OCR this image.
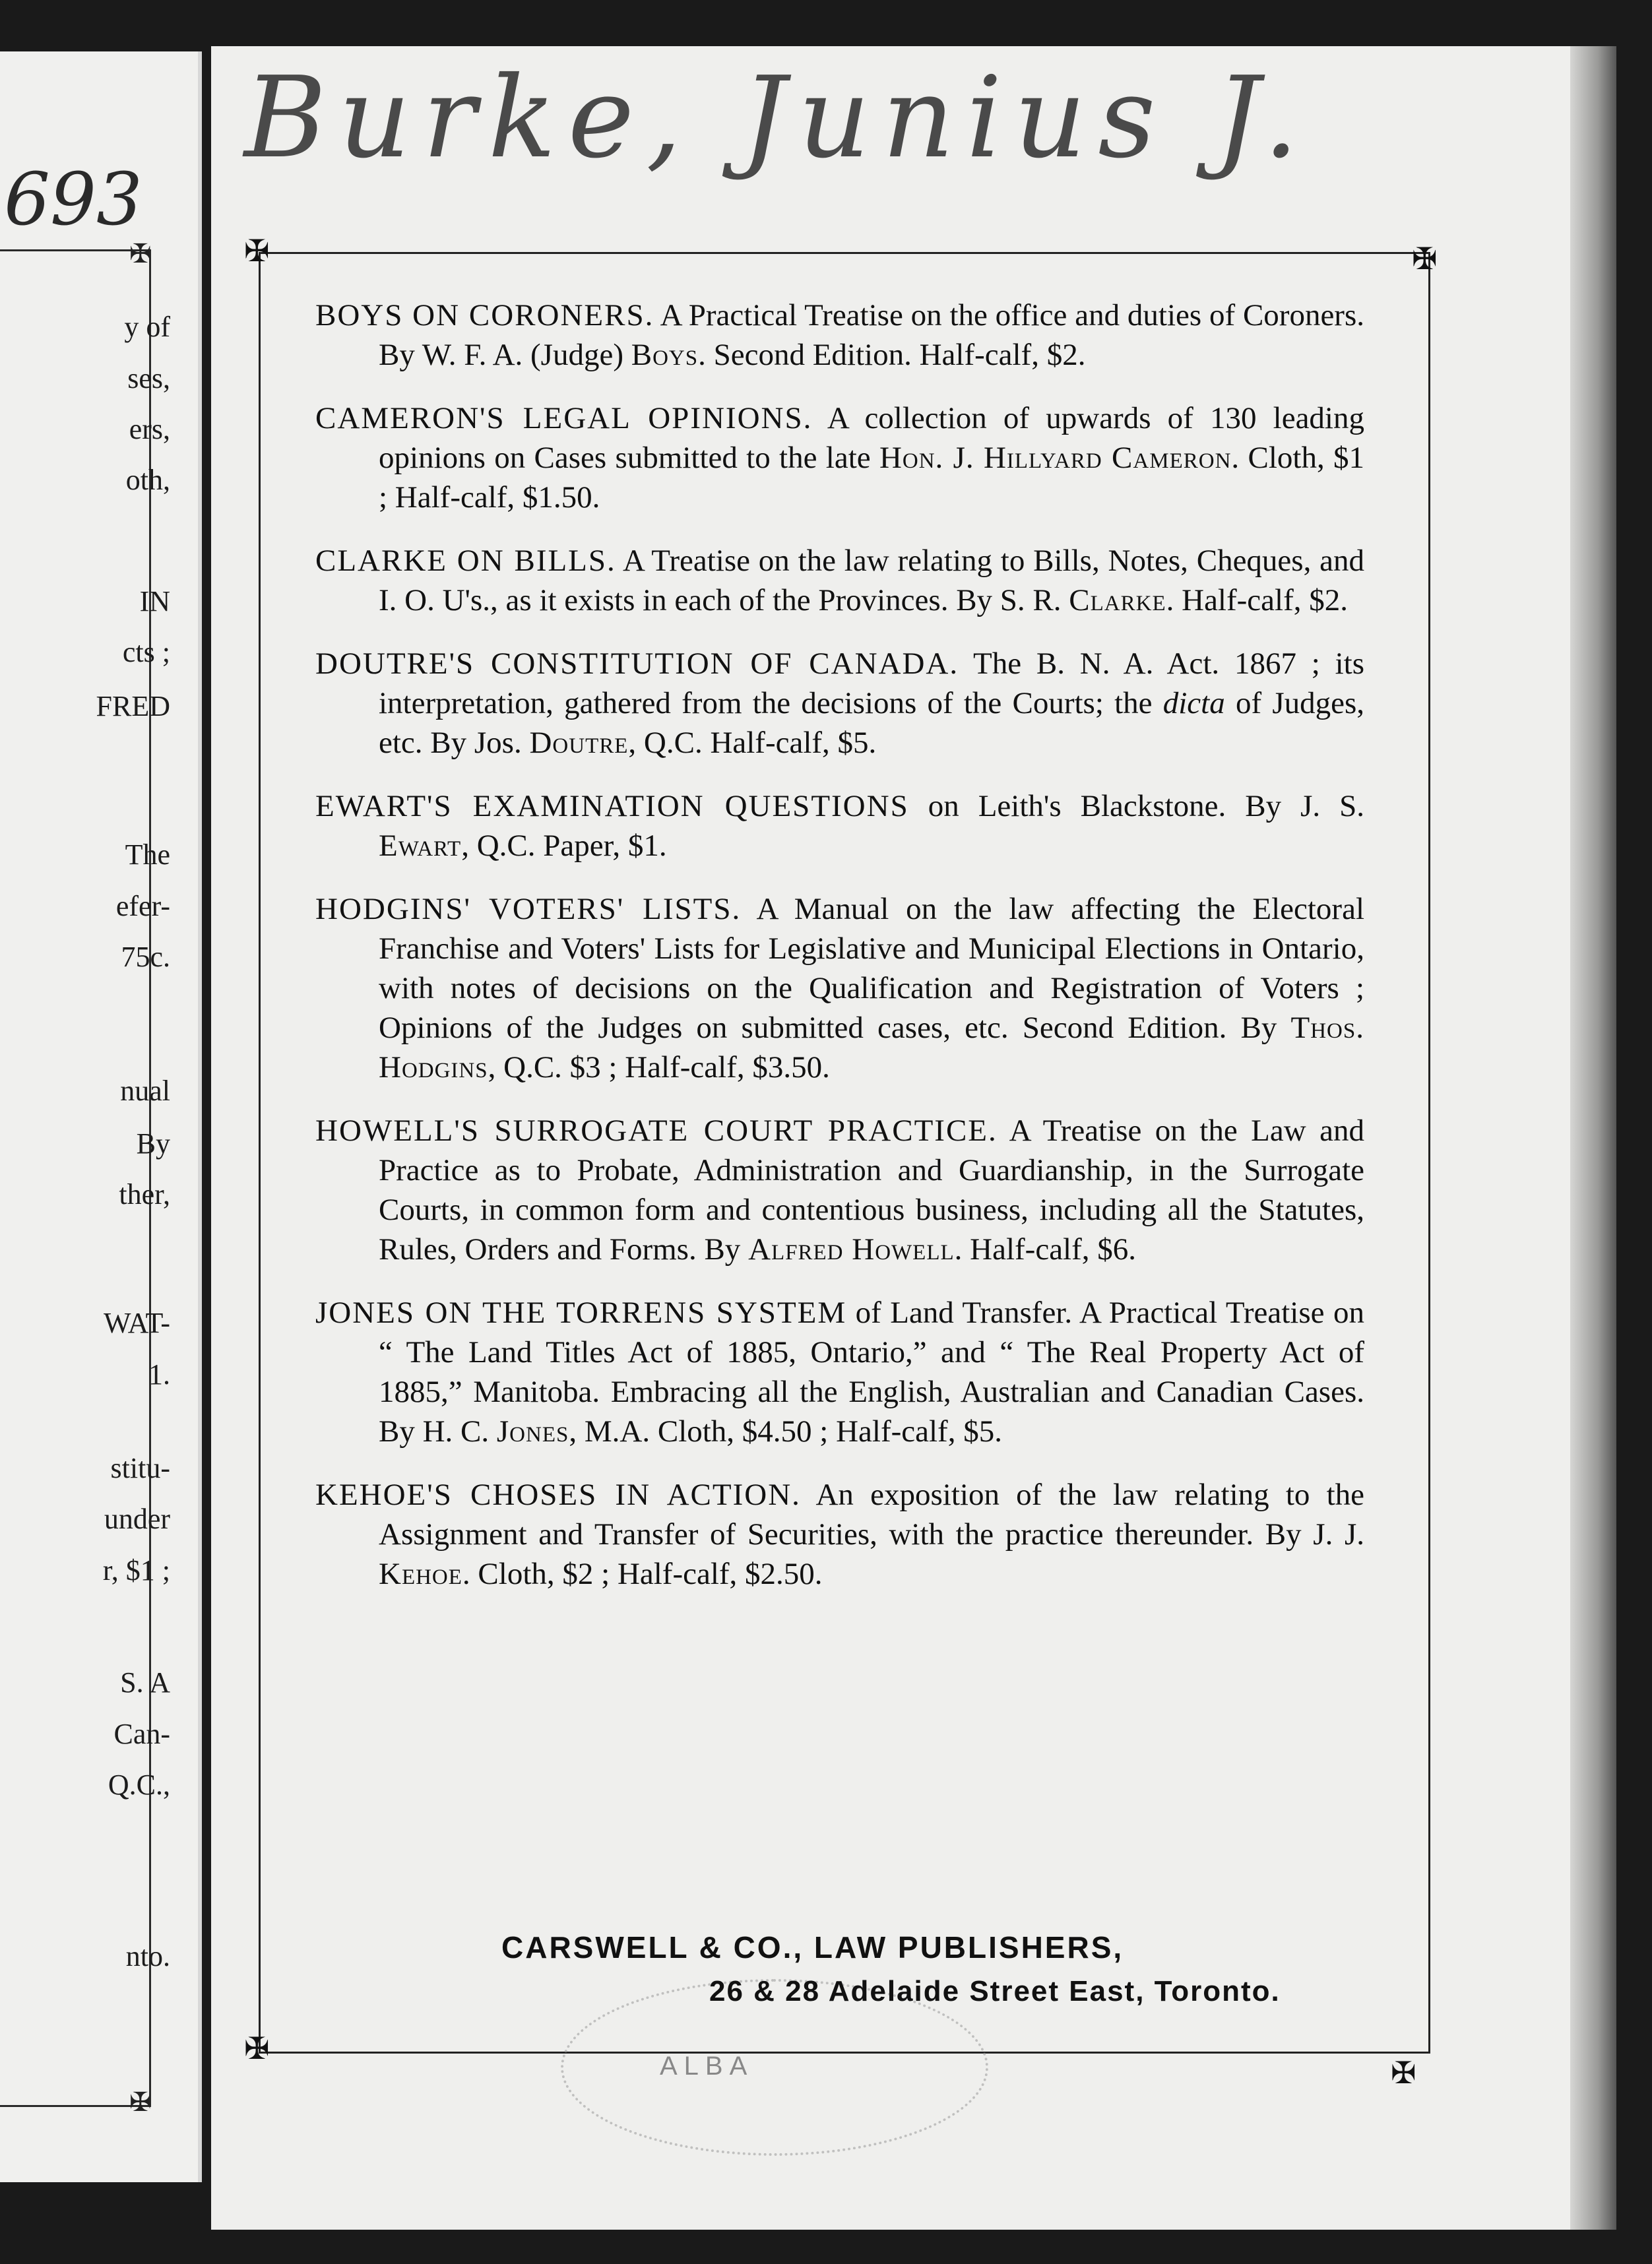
693
y of
ses,
ers,
oth,
IN
cts ;
FRED
The
efer-
75c.
nual
By
ther,
WAT-
1.
stitu-
under
r, $1 ;
S. A
Can-
Q.C.,
nto.
✠
✠
Burke, Junius J.
✠	✠
✠
✠
BOYS ON CORONERS. A Practical Treatise on the office and duties of Coroners. By W. F. A. (Judge) Boys. Second Edition. Half-calf, $2.
CAMERON'S LEGAL OPINIONS. A collection of upwards of 130 leading opinions on Cases submitted to the late Hon. J. Hillyard Cameron. Cloth, $1 ; Half-calf, $1.50.
CLARKE ON BILLS. A Treatise on the law relating to Bills, Notes, Cheques, and I. O. U's., as it exists in each of the Provinces. By S. R. Clarke. Half-calf, $2.
DOUTRE'S CONSTITUTION OF CANADA. The B. N. A. Act. 1867 ; its interpretation, gathered from the decisions of the Courts; the dicta of Judges, etc. By Jos. Doutre, Q.C. Half-calf, $5.
EWART'S EXAMINATION QUESTIONS on Leith's Blackstone. By J. S. Ewart, Q.C. Paper, $1.
HODGINS' VOTERS' LISTS. A Manual on the law affecting the Electoral Franchise and Voters' Lists for Legislative and Municipal Elections in Ontario, with notes of decisions on the Qualification and Registration of Voters ; Opinions of the Judges on submitted cases, etc. Second Edition. By Thos. Hodgins, Q.C. $3 ; Half-calf, $3.50.
HOWELL'S SURROGATE COURT PRACTICE. A Treatise on the Law and Practice as to Probate, Administration and Guardianship, in the Surrogate Courts, in common form and contentious business, including all the Statutes, Rules, Orders and Forms. By Alfred Howell. Half-calf, $6.
JONES ON THE TORRENS SYSTEM of Land Transfer. A Practical Treatise on “ The Land Titles Act of 1885, Ontario,” and “ The Real Property Act of 1885,” Manitoba. Embracing all the English, Australian and Canadian Cases. By H. C. Jones, M.A. Cloth, $4.50 ; Half-calf, $5.
KEHOE'S CHOSES IN ACTION. An exposition of the law relating to the Assignment and Transfer of Securities, with the practice thereunder. By J. J. Kehoe. Cloth, $2 ; Half-calf, $2.50.
ALBA
CARSWELL & CO., LAW PUBLISHERS,
26 & 28 Adelaide Street East, Toronto.
